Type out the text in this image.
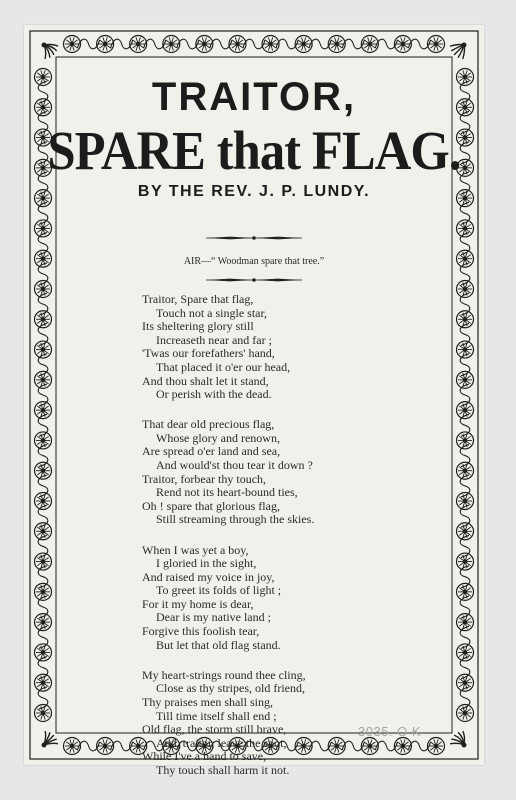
TRAITOR,
SPARE that FLAG.
BY THE REV. J. P. LUNDY.
AIR—“ Woodman spare that tree.”
Traitor, Spare that flag,
Touch not a single star,
Its sheltering glory still
Increaseth near and far ;
'Twas our forefathers' hand,
That placed it o'er our head,
And thou shalt let it stand,
Or perish with the dead.
That dear old precious flag,
Whose glory and renown,
Are spread o'er land and sea,
And would'st thou tear it down ?
Traitor, forbear thy touch,
Rend not its heart-bound ties,
Oh ! spare that glorious flag,
Still streaming through the skies.
When I was yet a boy,
I gloried in the sight,
And raised my voice in joy,
To greet its folds of light ;
For it my home is dear,
Dear is my native land ;
Forgive this foolish tear,
But let that old flag stand.
My heart-strings round thee cling,
Close as thy stripes, old friend,
Thy praises men shall sing,
Till time itself shall end ;
Old flag, the storm still brave,
And, traitor, leave the spot,
While I've a hand to save,
Thy touch shall harm it not.
3035. O K
